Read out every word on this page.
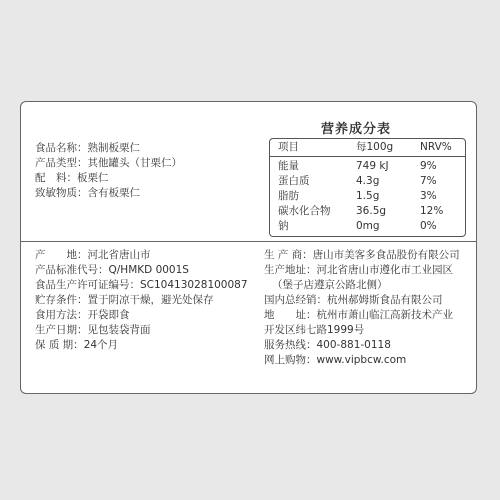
食品名称：熟制板栗仁
产品类型：其他罐头（甘栗仁）
配　料：板栗仁
致敏物质：含有板栗仁
营养成分表
项目	每100g	NRV%
能量	749 kJ	9%
蛋白质	4.3g	7%
脂肪	1.5g	3%
碳水化合物 36.5g	12%
钠	0mg	0%
产　　地：河北省唐山市
产品标准代号：Q/HMKD 0001S
食品生产许可证编号：SC10413028100087
贮存条件：置于阴凉干燥，避光处保存
食用方法：开袋即食
生产日期：见包装袋背面
保 质 期：24个月
生 产 商：唐山市美客多食品股份有限公司
生产地址：河北省唐山市遵化市工业园区
（堡子店遵京公路北侧）
国内总经销：杭州郝姆斯食品有限公司
地　　址：杭州市萧山临江高新技术产业
开发区纬七路1999号
服务热线：400-881-0118
网上购物：www.vipbcw.com
